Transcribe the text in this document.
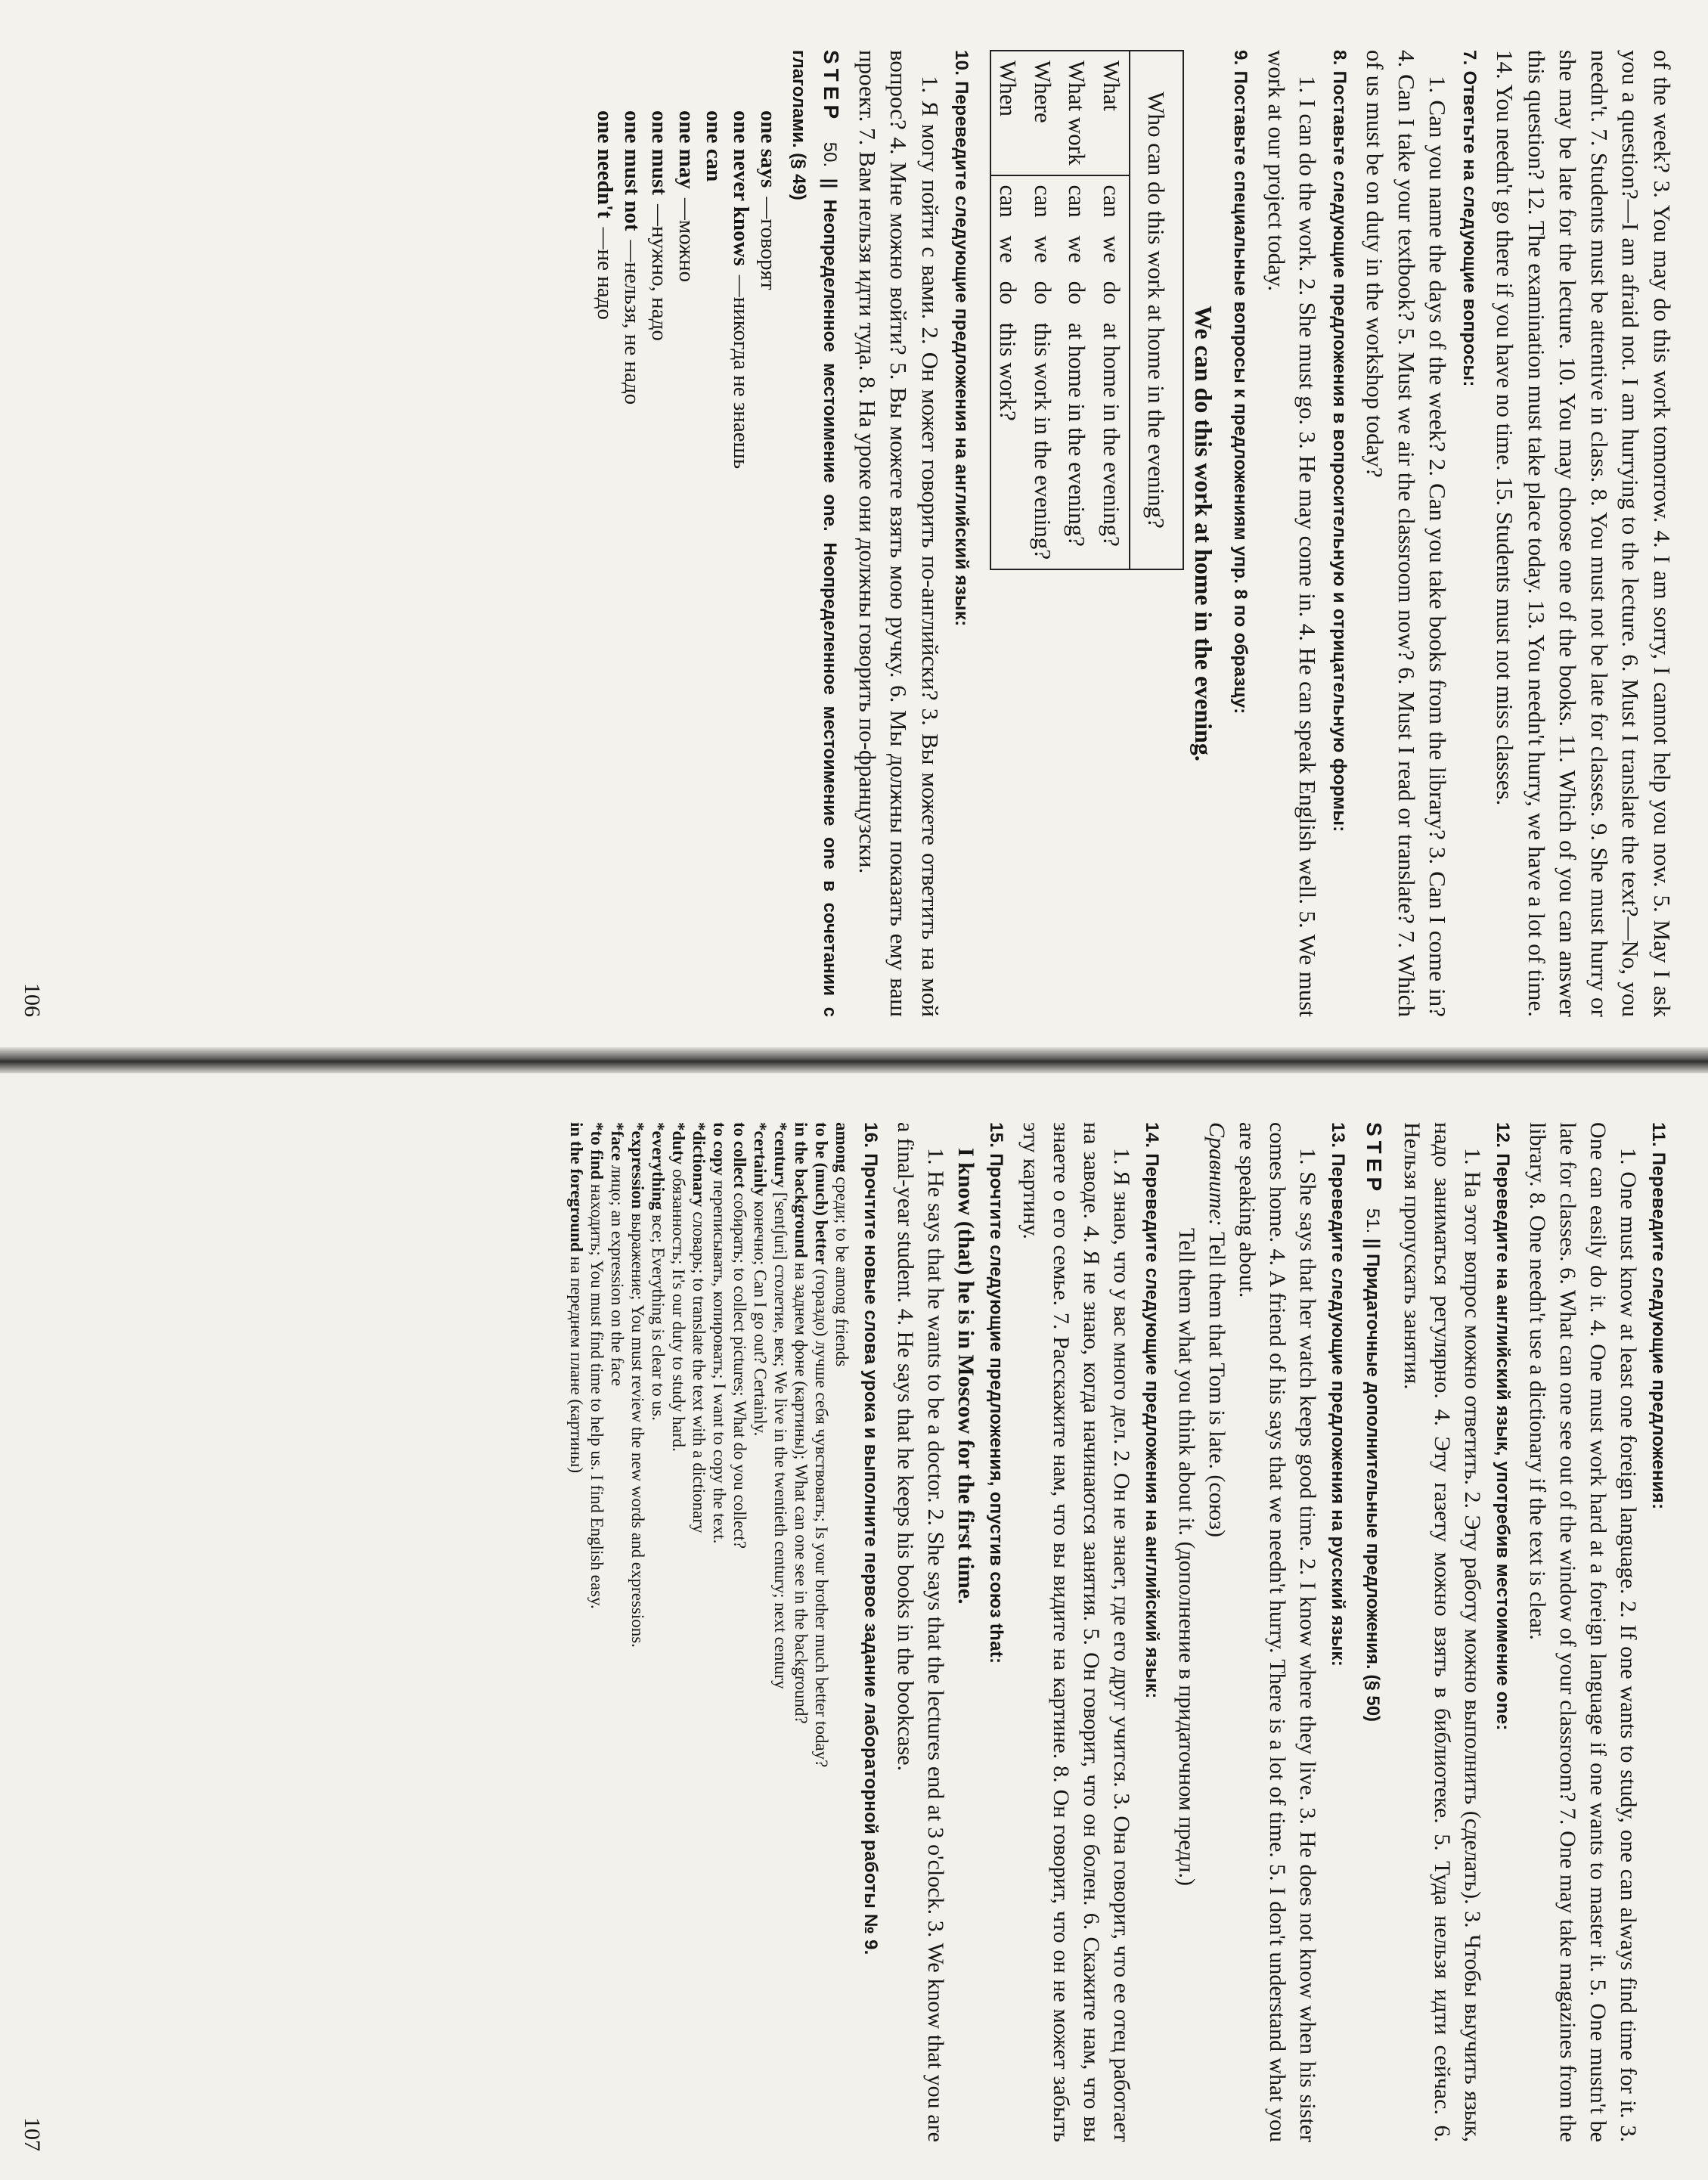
of the week? 3. You may do this work tomorrow. 4. I am sorry, I cannot help you now. 5. May I ask you a question?—I am afraid not. I am hurrying to the lecture. 6. Must I translate the text?—No, you needn't. 7. Students must be attentive in class. 8. You must not be late for classes. 9. She must hurry or she may be late for the lecture. 10. You may choose one of the books. 11. Which of you can answer this question? 12. The examination must take place today. 13. You needn't hurry, we have a lot of time. 14. You needn't go there if you have no time. 15. Students must not miss classes.

7. Ответьте на следующие вопросы:

1. Can you name the days of the week? 2. Can you take books from the library? 3. Can I come in? 4. Can I take your textbook? 5. Must we air the classroom now? 6. Must I read or translate? 7. Which of us must be on duty in the workshop today?

8. Поставьте следующие предложения в вопросительную и отрицательную формы:

1. I can do the work. 2. She must go. 3. He may come in. 4. He can speak English well. 5. We must work at our project today.

9. Поставьте специальные вопросы к предложениям упр. 8 по образцу:

We can do this work at home in the evening.

Who can do this work at home in the evening?				
What	can	we	do	at home in the evening?
What work	can	we	do	at home in the evening?
Where	can	we	do	this work in the evening?
When	can	we	do	this work?

10. Переведите следующие предложения на английский язык:

1. Я могу пойти с вами. 2. Он может говорить по-английски? 3. Вы можете ответить на мой вопрос? 4. Мне можно войти? 5. Вы можете взять мою ручку. 6. Мы должны показать ему ваш проект. 7. Вам нельзя идти туда. 8. На уроке они должны говорить по-французски.

STEP 50. || Неопределенное местоимение one. Неопределенное местоимение one в сочетании с глаголами. (§ 49)

one says—говорят

one never knows—никогда не знаешь

one can

one may—можно

one must—нужно, надо

one must not—нельзя, не надо

one needn't—не надо

106

11. Переведите следующие предложения:

1. One must know at least one foreign language. 2. If one wants to study, one can always find time for it. 3. One can easily do it. 4. One must work hard at a foreign language if one wants to master it. 5. One mustn't be late for classes. 6. What can one see out of the window of your classroom? 7. One may take magazines from the library. 8. One needn't use a dictionary if the text is clear.

12. Переведите на английский язык, употребив местоимение one:

1. На этот вопрос можно ответить. 2. Эту работу можно выполнить (сделать). 3. Чтобы выучить язык, надо заниматься регулярно. 4. Эту газету можно взять в библиотеке. 5. Туда нельзя идти сейчас. 6. Нельзя пропускать занятия.

STEP 51. || Придаточные дополнительные предложения. (§ 50)

13. Переведите следующие предложения на русский язык:

1. She says that her watch keeps good time. 2. I know where they live. 3. He does not know when his sister comes home. 4. A friend of his says that we needn't hurry. There is a lot of time. 5. I don't understand what you are speaking about.

Сравните: Tell them that Tom is late. (союз)

Tell them what you think about it. (дополнение в придаточном предл.)

14. Переведите следующие предложения на английский язык:

1. Я знаю, что у вас много дел. 2. Он не знает, где его друг учится. 3. Она говорит, что ее отец работает на заводе. 4. Я не знаю, когда начинаются занятия. 5. Он говорит, что он болен. 6. Скажите нам, что вы знаете о его семье. 7. Расскажите нам, что вы видите на картине. 8. Он говорит, что он не может забыть эту картину.

15. Прочтите следующие предложения, опустив союз that:

I know (that) he is in Moscow for the first time.

1. He says that he wants to be a doctor. 2. She says that the lectures end at 3 o'clock. 3. We know that you are a final-year student. 4. He says that he keeps his books in the bookcase.

16. Прочтите новые слова урока и выполните первое задание лабораторной работы № 9.

among среди; to be among friends

to be (much) better (гораздо) лучше себя чувствовать; Is your brother much better today?

in the background на заднем фоне (картины); What can one see in the background?

*century ['sentʃuri] столетие, век; We live in the twentieth century; next century

*certainly конечно; Can I go out? Certainly.

to collect собирать; to collect pictures; What do you collect?

to copy переписывать, копировать; I want to copy the text.

*dictionary словарь; to translate the text with a dictionary

*duty обязанность; It's our duty to study hard.

*everything все; Everything is clear to us.

*expression выражение; You must review the new words and expressions.

*face лицо; an expression on the face

*to find находить; You must find time to help us. I find English easy.

in the foreground на переднем плане (картины)

107
